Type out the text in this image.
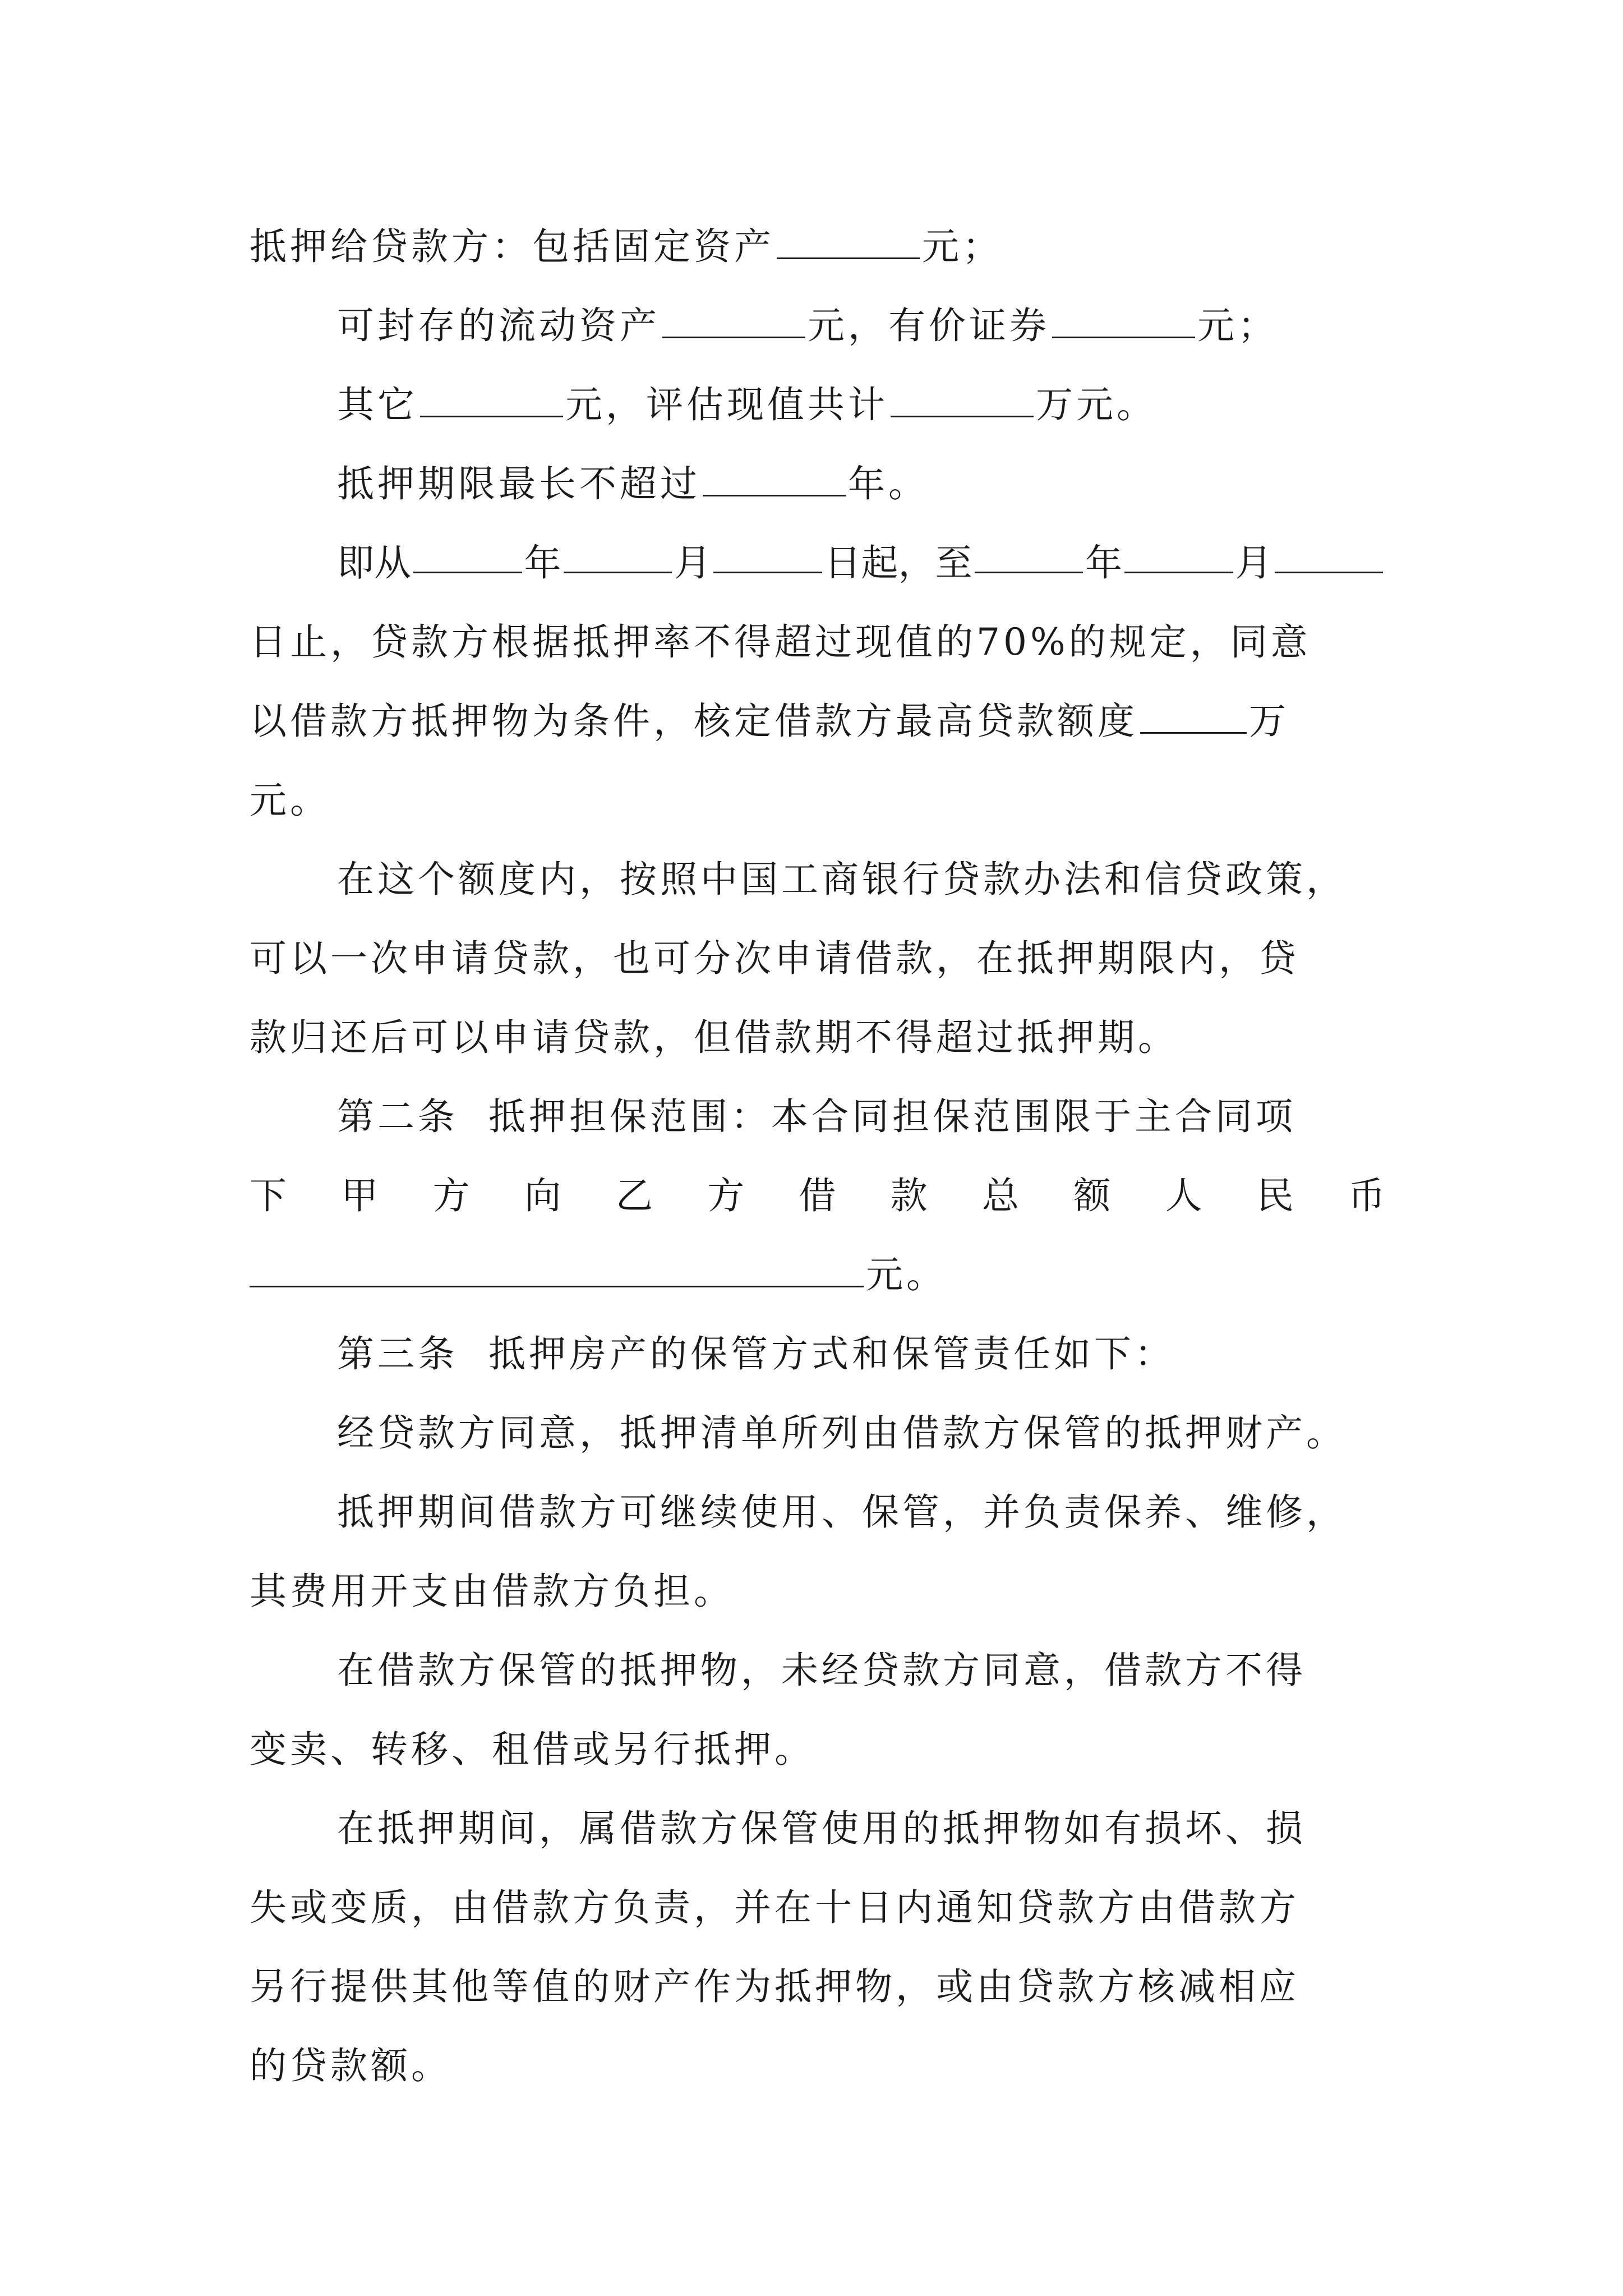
抵押给贷款方：包括固定资产	元；
可封存的流动资产	元，有价证券	元；
其它	元，评估现值共计	万元。
抵押期限最长不超过	年。
即从	年	月	日起，至	年	月
日止，贷款方根据抵押率不得超过现值的70%的规定，同意
以借款方抵押物为条件，核定借款方最高贷款额度	万
元。
在这个额度内，按照中国工商银行贷款办法和信贷政策，
可以一次申请贷款，也可分次申请借款，在抵押期限内，贷
款归还后可以申请贷款，但借款期不得超过抵押期。
第二条  抵押担保范围：本合同担保范围限于主合同项
下 甲 方 向 乙 方 借 款 总 额 人 民 币
元。
第三条  抵押房产的保管方式和保管责任如下：
经贷款方同意，抵押清单所列由借款方保管的抵押财产。
抵押期间借款方可继续使用、保管，并负责保养、维修，
其费用开支由借款方负担。
在借款方保管的抵押物，未经贷款方同意，借款方不得
变卖、转移、租借或另行抵押。
在抵押期间，属借款方保管使用的抵押物如有损坏、损
失或变质，由借款方负责，并在十日内通知贷款方由借款方
另行提供其他等值的财产作为抵押物，或由贷款方核减相应
的贷款额。
